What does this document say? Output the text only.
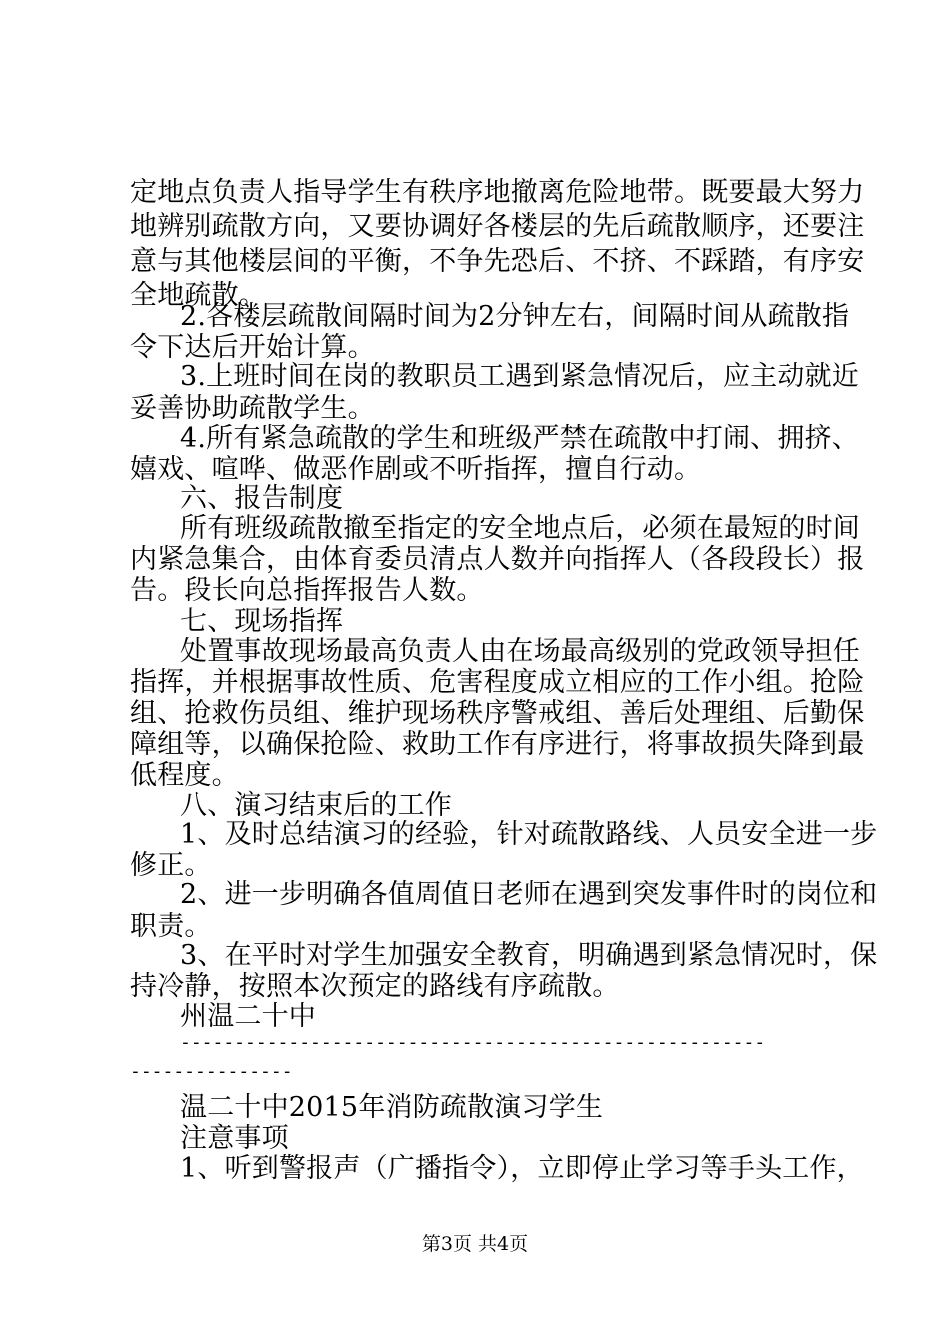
定地点负责人指导学生有秩序地撤离危险地带。既要最大努力
地辨别疏散方向，又要协调好各楼层的先后疏散顺序，还要注
意与其他楼层间的平衡，不争先恐后、不挤、不踩踏，有序安
全地疏散。
2.各楼层疏散间隔时间为2分钟左右，间隔时间从疏散指
令下达后开始计算。
3.上班时间在岗的教职员工遇到紧急情况后，应主动就近
妥善协助疏散学生。
4.所有紧急疏散的学生和班级严禁在疏散中打闹、拥挤、
嬉戏、喧哗、做恶作剧或不听指挥，擅自行动。
六、报告制度
所有班级疏散撤至指定的安全地点后，必须在最短的时间
内紧急集合，由体育委员清点人数并向指挥人（各段段长）报
告。段长向总指挥报告人数。
七、现场指挥
处置事故现场最高负责人由在场最高级别的党政领导担任
指挥，并根据事故性质、危害程度成立相应的工作小组。抢险
组、抢救伤员组、维护现场秩序警戒组、善后处理组、后勤保
障组等，以确保抢险、救助工作有序进行，将事故损失降到最
低程度。
八、演习结束后的工作
1、及时总结演习的经验，针对疏散路线、人员安全进一步
修正。
2、进一步明确各值周值日老师在遇到突发事件时的岗位和
职责。
3、在平时对学生加强安全教育，明确遇到紧急情况时，保
持冷静，按照本次预定的路线有序疏散。
州温二十中
------------------------------------------------------
---------------
温二十中2015年消防疏散演习学生
注意事项
1、听到警报声（广播指令），立即停止学习等手头工作，
第3页 共4页
